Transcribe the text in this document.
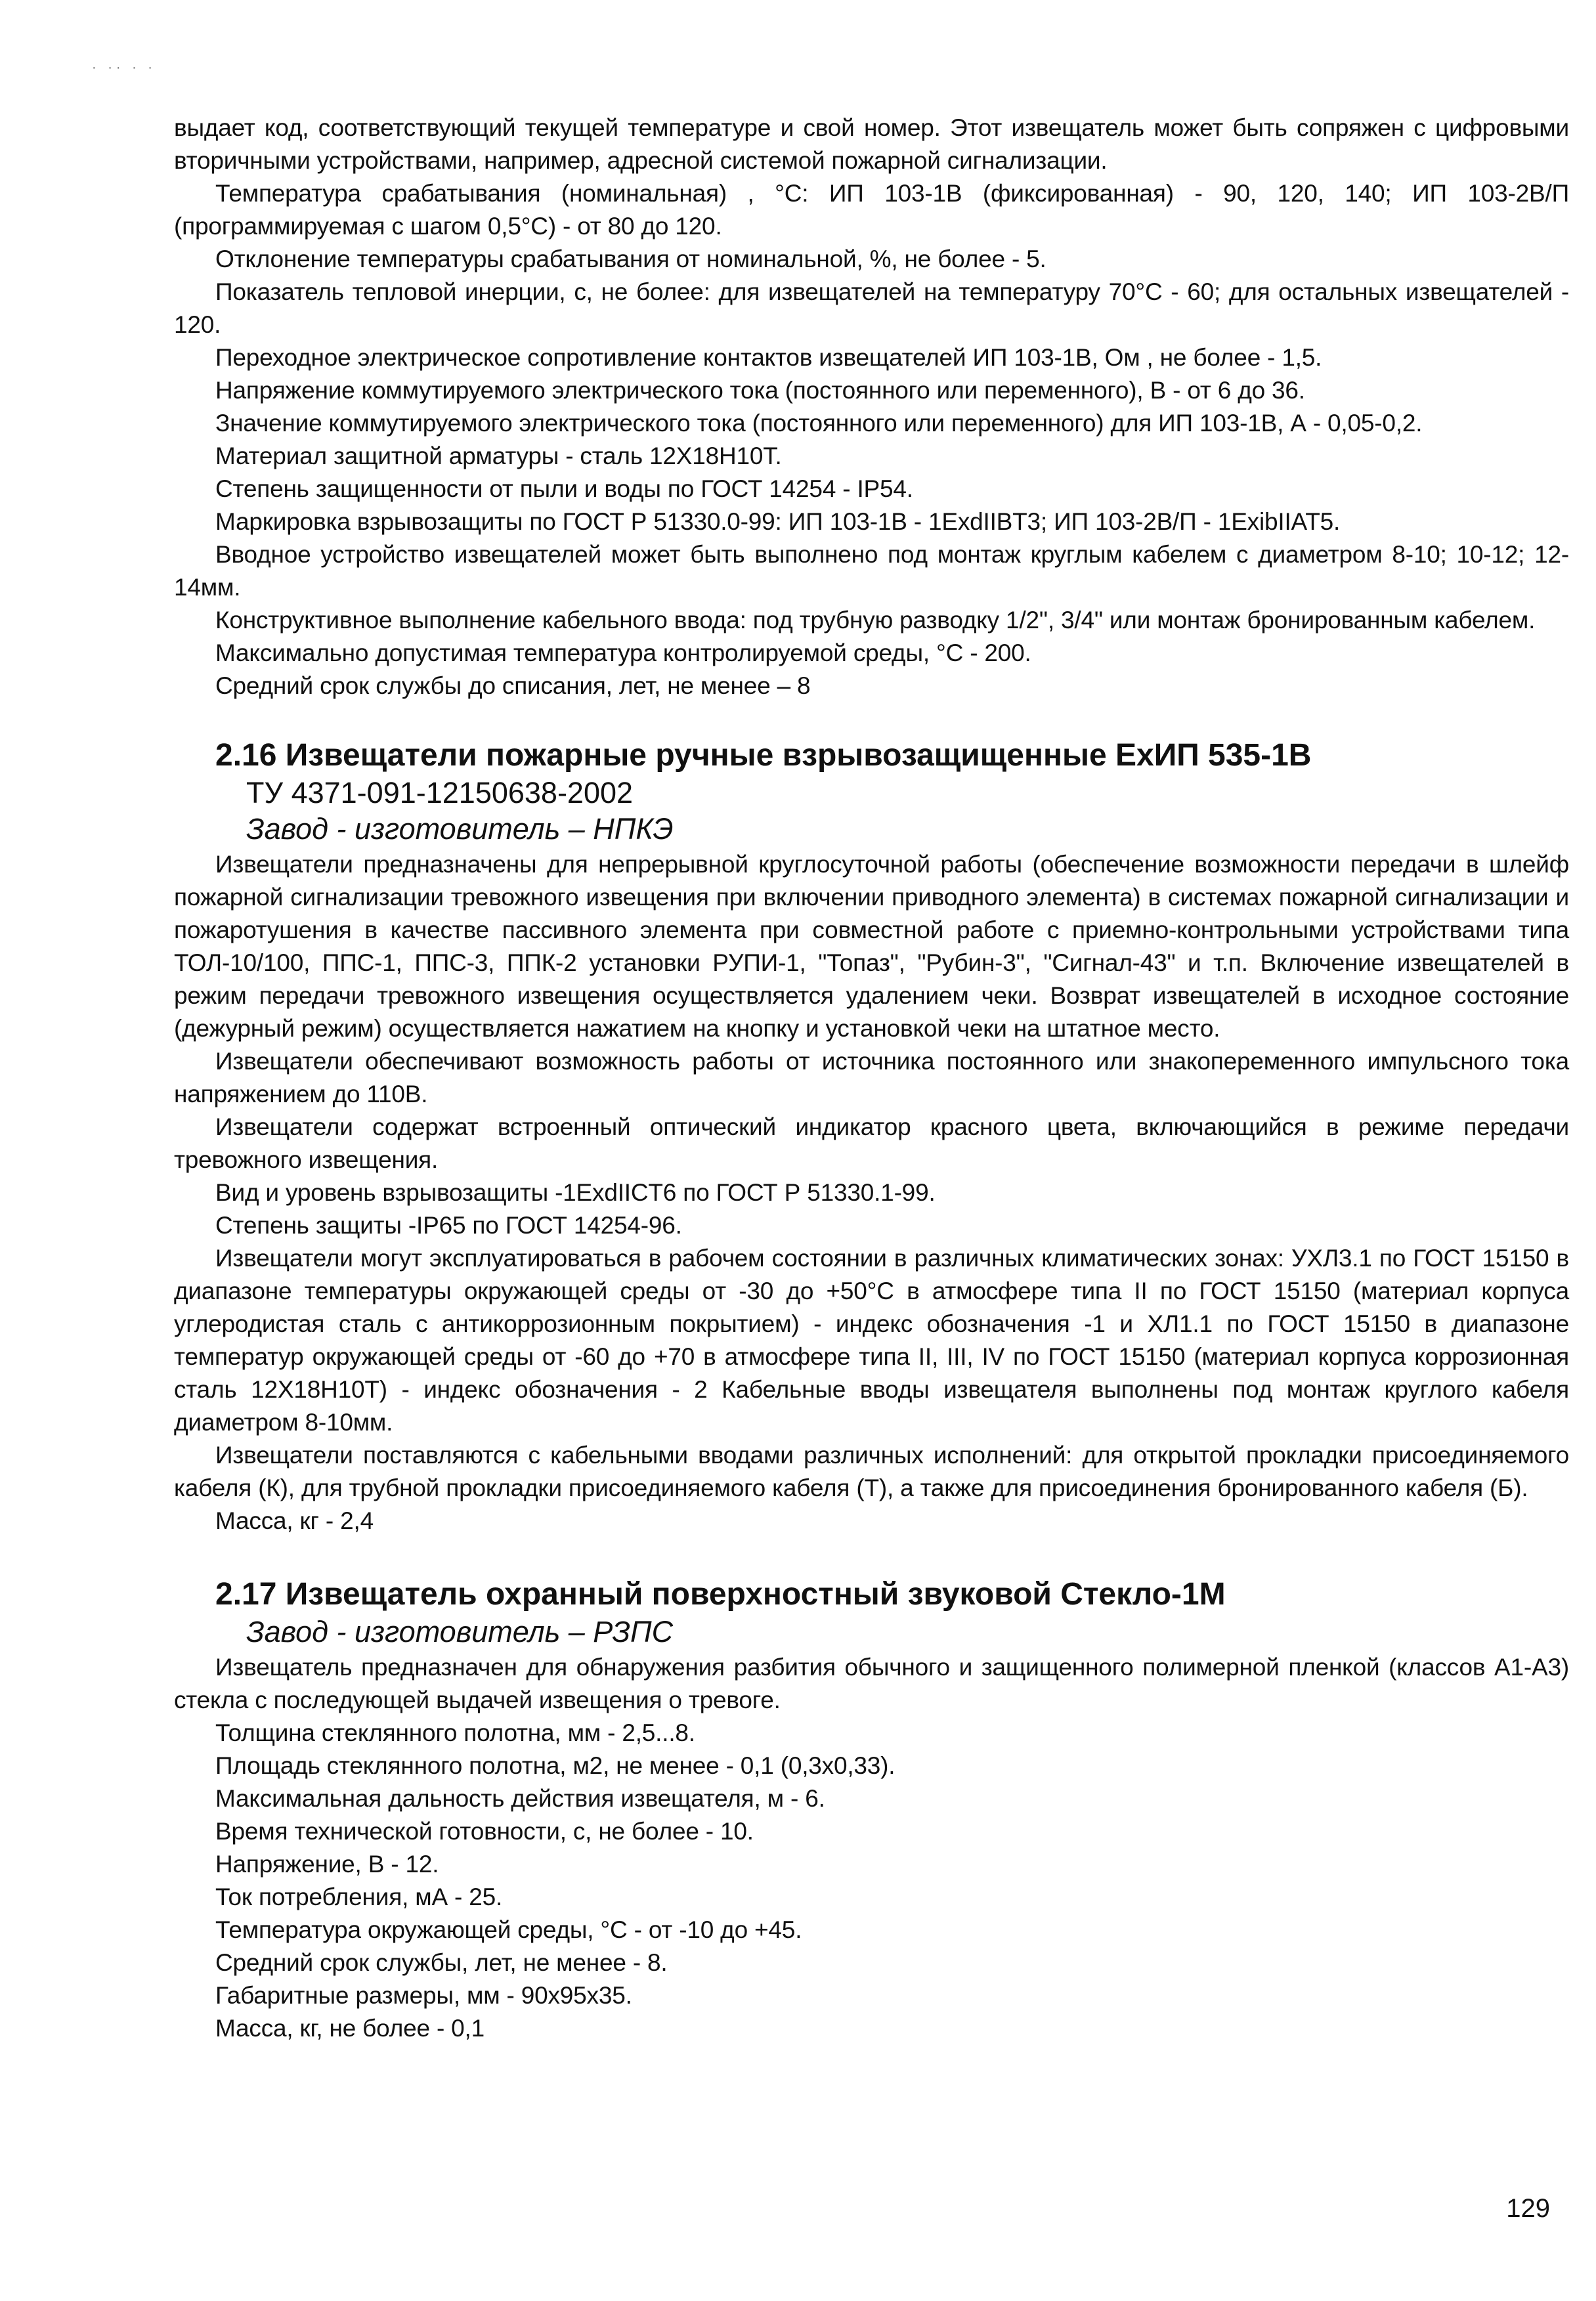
· ·· · ·

выдает код, соответствующий текущей температуре и свой номер. Этот извещатель может быть сопряжен с цифровыми вторичными устройствами, например, адресной системой пожарной сигнализации.

Температура срабатывания (номинальная) , °С: ИП 103-1В (фиксированная) - 90, 120, 140; ИП 103-2В/П (программируемая с шагом 0,5°С) - от 80 до 120.

Отклонение температуры срабатывания от номинальной, %, не более - 5.

Показатель тепловой инерции, с, не более: для извещателей на температуру 70°С - 60; для остальных извещателей - 120.

Переходное электрическое сопротивление контактов извещателей ИП 103-1В, Ом , не более - 1,5.

Напряжение коммутируемого электрического тока (постоянного или переменного), В - от 6 до 36.

Значение коммутируемого электрического тока (постоянного или переменного) для ИП 103-1В, А - 0,05-0,2.

Материал защитной арматуры - сталь 12Х18Н10Т.

Степень защищенности от пыли и воды по ГОСТ 14254 - IP54.

Маркировка взрывозащиты по ГОСТ Р 51330.0-99: ИП 103-1В - 1ExdIIBT3; ИП 103-2В/П - 1ExibIIAT5.

Вводное устройство извещателей может быть выполнено под монтаж круглым кабелем с диаметром 8-10; 10-12; 12-14мм.

Конструктивное выполнение кабельного ввода: под трубную разводку 1/2", 3/4" или монтаж бронированным кабелем.

Максимально допустимая температура контролируемой среды, °С - 200.

Средний срок службы до списания, лет, не менее – 8

2.16 Извещатели пожарные ручные взрывозащищенные ЕхИП 535-1В
ТУ 4371-091-12150638-2002
Завод - изготовитель – НПКЭ

Извещатели предназначены для непрерывной круглосуточной работы (обеспечение возможности передачи в шлейф пожарной сигнализации тревожного извещения при включении приводного элемента) в системах пожарной сигнализации и пожаротушения в качестве пассивного элемента при совместной работе с приемно-контрольными устройствами типа ТОЛ-10/100, ППС-1, ППС-3, ППК-2 установки РУПИ-1, "Топаз", "Рубин-3", "Сигнал-43" и т.п. Включение извещателей в режим передачи тревожного извещения осуществляется удалением чеки. Возврат извещателей в исходное состояние (дежурный режим) осуществляется нажатием на кнопку и установкой чеки на штатное место.

Извещатели обеспечивают возможность работы от источника постоянного или знакопеременного импульсного тока напряжением до 110В.

Извещатели содержат встроенный оптический индикатор красного цвета, включающийся в режиме передачи тревожного извещения.

Вид и уровень взрывозащиты -1ExdIICT6 по ГОСТ Р 51330.1-99.

Степень защиты -IP65 по ГОСТ 14254-96.

Извещатели могут эксплуатироваться в рабочем состоянии в различных климатических зонах: УХЛ3.1 по ГОСТ 15150 в диапазоне температуры окружающей среды от -30 до +50°С в атмосфере типа II по ГОСТ 15150 (материал корпуса углеродистая сталь с антикоррозионным покрытием) - индекс обозначения -1 и ХЛ1.1 по ГОСТ 15150 в диапазоне температур окружающей среды от -60 до +70 в атмосфере типа II, III, IV по ГОСТ 15150 (материал корпуса коррозионная сталь 12Х18Н10Т) - индекс обозначения - 2 Кабельные вводы извещателя выполнены под монтаж круглого кабеля диаметром 8-10мм.

Извещатели поставляются с кабельными вводами различных исполнений: для открытой прокладки присоединяемого кабеля (К), для трубной прокладки присоединяемого кабеля (Т), а также для присоединения бронированного кабеля (Б).

Масса, кг - 2,4

2.17 Извещатель охранный поверхностный звуковой Стекло-1М
Завод - изготовитель – РЗПС

Извещатель предназначен для обнаружения разбития обычного и защищенного полимерной пленкой (классов А1-А3) стекла с последующей выдачей извещения о тревоге.

Толщина стеклянного полотна, мм - 2,5...8.

Площадь стеклянного полотна, м2, не менее - 0,1 (0,3х0,33).

Максимальная дальность действия извещателя, м - 6.

Время технической готовности, с, не более - 10.

Напряжение, В - 12.

Ток потребления, мА - 25.

Температура окружающей среды, °С - от -10 до +45.

Средний срок службы, лет, не менее - 8.

Габаритные размеры, мм - 90х95х35.

Масса, кг, не более - 0,1

129
